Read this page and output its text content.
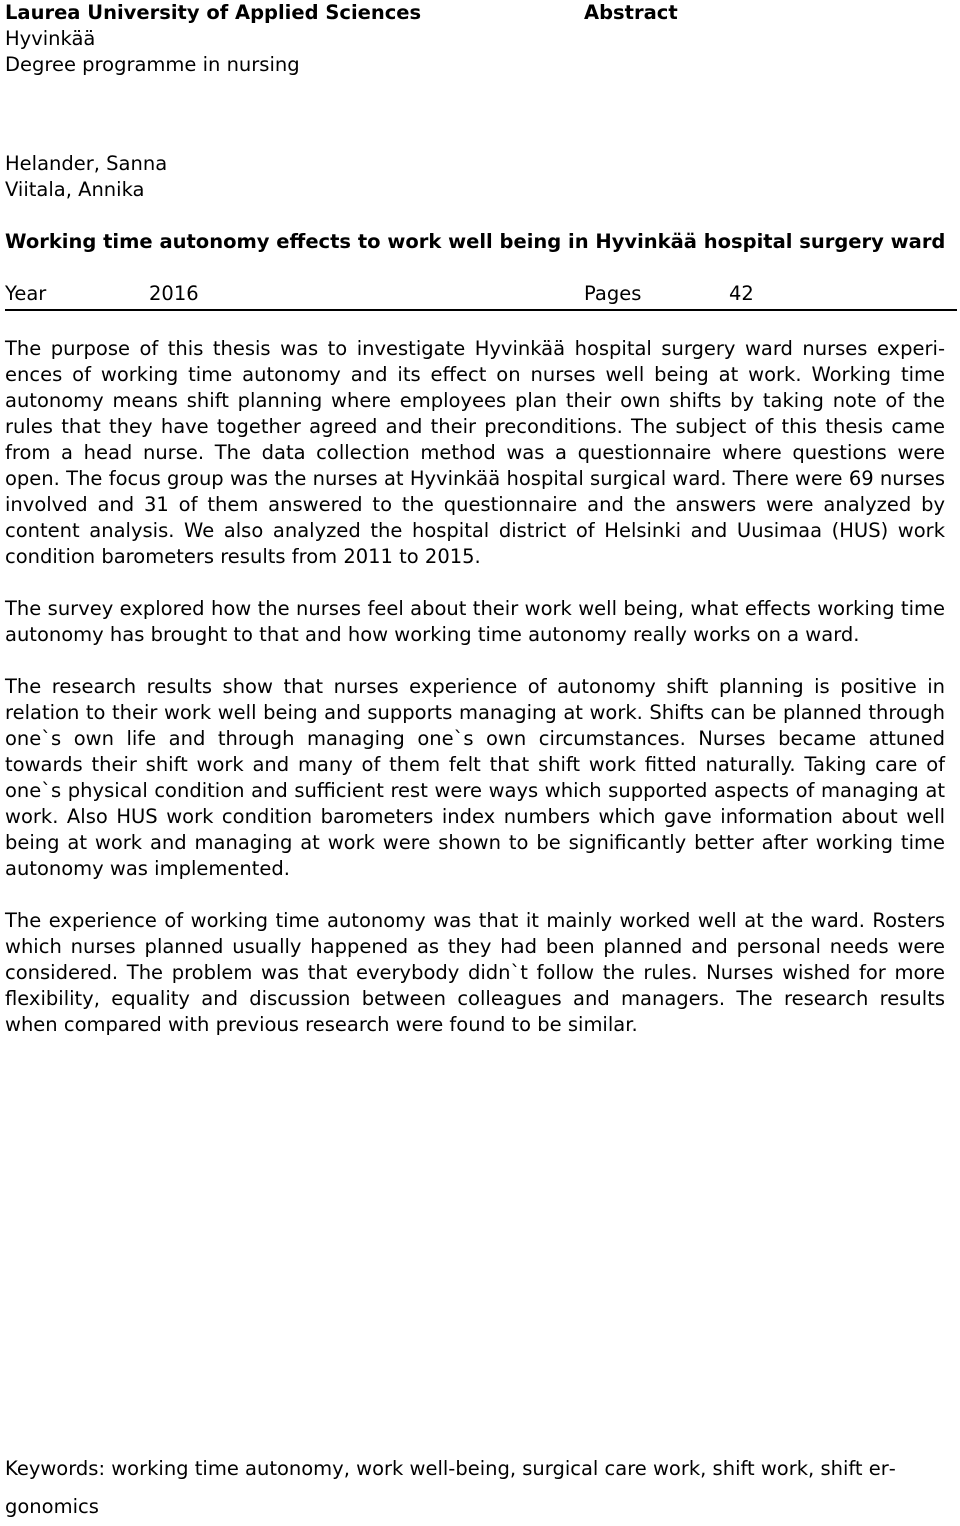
Laurea University of Applied Sciences
Hyvinkää
Degree programme in nursing
Abstract
Helander, Sanna
Viitala, Annika
Working time autonomy effects to work well being in Hyvinkää hospital surgery ward
Year	2016	Pages	42

The purpose of this thesis was to investigate Hyvinkää hospital surgery ward nurses experiences of working time autonomy and its effect on nurses well being at work. Working time autonomy means shift planning where employees plan their own shifts by taking note of the rules that they have together agreed and their preconditions. The subject of this thesis came from a head nurse. The data collection method was a questionnaire where questions were open. The focus group was the nurses at Hyvinkää hospital surgical ward. There were 69 nurses involved and 31 of them answered to the questionnaire and the answers were analyzed by content analysis. We also analyzed the hospital district of Helsinki and Uusimaa (HUS) work condition barometers results from 2011 to 2015.

The survey explored how the nurses feel about their work well being, what effects working time autonomy has brought to that and how working time autonomy really works on a ward.

The research results show that nurses experience of autonomy shift planning is positive in relation to their work well being and supports managing at work. Shifts can be planned through one`s own life and through managing one`s own circumstances. Nurses became attuned towards their shift work and many of them felt that shift work fitted naturally. Taking care of one`s physical condition and sufficient rest were ways which supported aspects of managing at work. Also HUS work condition barometers index numbers which gave information about well being at work and managing at work were shown to be significantly better after working time autonomy was implemented.

The experience of working time autonomy was that it mainly worked well at the ward. Rosters which nurses planned usually happened as they had been planned and personal needs were considered. The problem was that everybody didn`t follow the rules. Nurses wished for more flexibility, equality and discussion between colleagues and managers. The research results when compared with previous research were found to be similar.

Keywords: working time autonomy, work well-being, surgical care work, shift work, shift ergonomics
